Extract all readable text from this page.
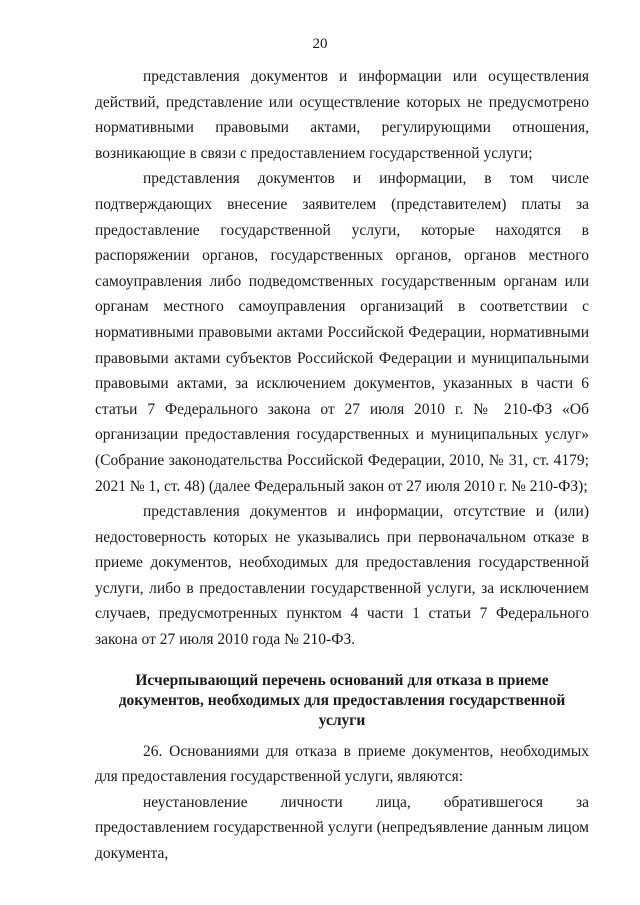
20

представления документов и информации или осуществления действий, представление или осуществление которых не предусмотрено нормативными правовыми актами, регулирующими отношения, возникающие в связи с предоставлением государственной услуги;

представления документов и информации, в том числе подтверждающих внесение заявителем (представителем) платы за предоставление государственной услуги, которые находятся в распоряжении органов, государственных органов, органов местного самоуправления либо подведомственных государственным органам или органам местного самоуправления организаций в соответствии с нормативными правовыми актами Российской Федерации, нормативными правовыми актами субъектов Российской Федерации и муниципальными правовыми актами, за исключением документов, указанных в части 6 статьи 7 Федерального закона от 27 июля 2010 г. № 210-ФЗ «Об организации предоставления государственных и муниципальных услуг» (Собрание законодательства Российской Федерации, 2010, № 31, ст. 4179; 2021 № 1, ст. 48) (далее Федеральный закон от 27 июля 2010 г. № 210-ФЗ);

представления документов и информации, отсутствие и (или) недостоверность которых не указывались при первоначальном отказе в приеме документов, необходимых для предоставления государственной услуги, либо в предоставлении государственной услуги, за исключением случаев, предусмотренных пунктом 4 части 1 статьи 7 Федерального закона от 27 июля 2010 года № 210-ФЗ.

Исчерпывающий перечень оснований для отказа в приеме
документов, необходимых для предоставления государственной услуги

26. Основаниями для отказа в приеме документов, необходимых для предоставления государственной услуги, являются:

неустановление личности лица, обратившегося за предоставлением государственной услуги (непредъявление данным лицом документа,
